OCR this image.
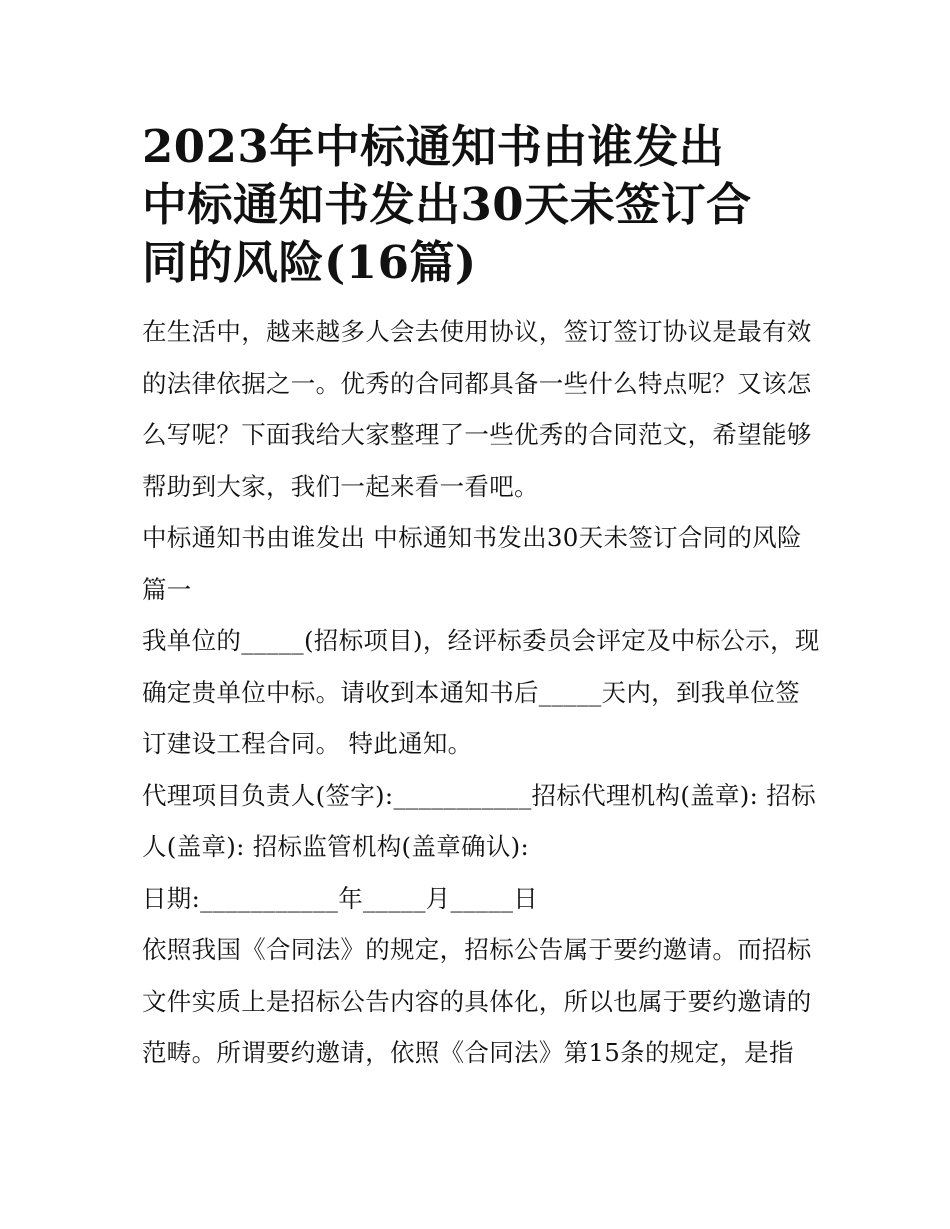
2023年中标通知书由谁发出
中标通知书发出30天未签订合
同的风险(16篇)

在生活中，越来越多人会去使用协议，签订签订协议是最有效的法律依据之一。优秀的合同都具备一些什么特点呢？又该怎么写呢？下面我给大家整理了一些优秀的合同范文，希望能够帮助到大家，我们一起来看一看吧。

中标通知书由谁发出 中标通知书发出30天未签订合同的风险篇一

我单位的_____(招标项目)，经评标委员会评定及中标公示，现确定贵单位中标。请收到本通知书后_____天内，到我单位签订建设工程合同。 特此通知。

代理项目负责人(签字):___________招标代理机构(盖章): 招标人(盖章): 招标监管机构(盖章确认):

日期:___________年_____月_____日

依照我国《合同法》的规定，招标公告属于要约邀请。而招标文件实质上是招标公告内容的具体化，所以也属于要约邀请的范畴。所谓要约邀请，依照《合同法》第15条的规定，是指
